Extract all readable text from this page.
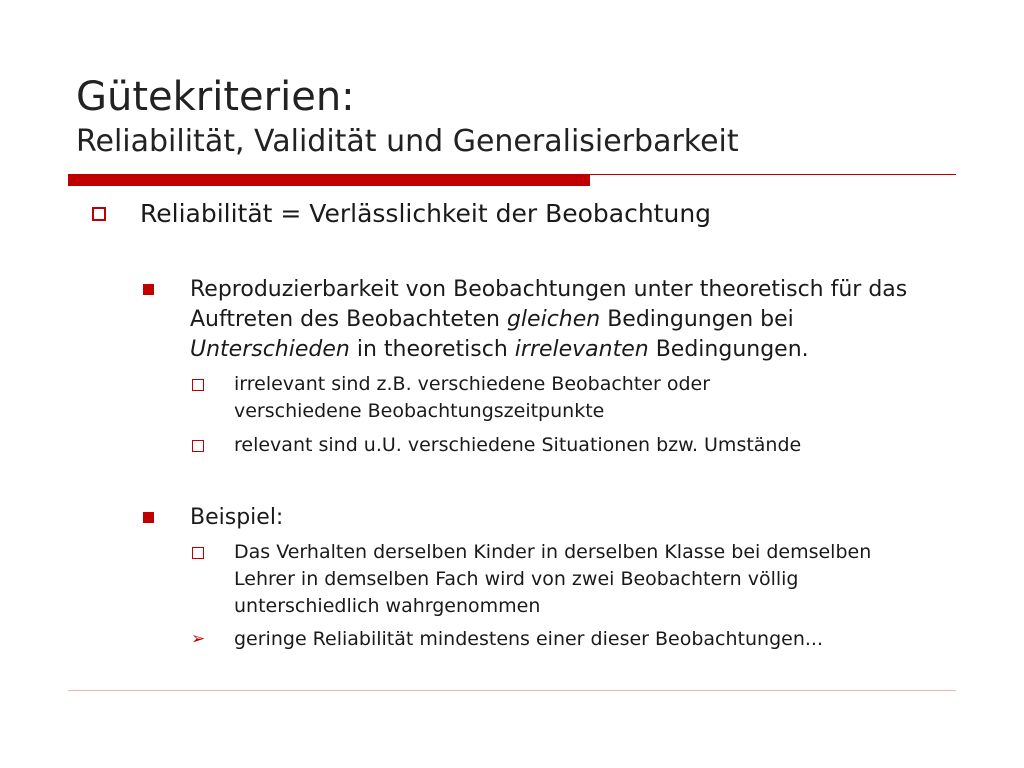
Gütekriterien:
Reliabilität, Validität und Generalisierbarkeit
Reliabilität = Verlässlichkeit der Beobachtung
Reproduzierbarkeit von Beobachtungen unter theoretisch für das Auftreten des Beobachteten gleichen Bedingungen bei Unterschieden in theoretisch irrelevanten Bedingungen.
irrelevant sind z.B. verschiedene Beobachter oder verschiedene Beobachtungszeitpunkte
relevant sind u.U. verschiedene Situationen bzw. Umstände
Beispiel:
Das Verhalten derselben Kinder in derselben Klasse bei demselben Lehrer in demselben Fach wird von zwei Beobachtern völlig unterschiedlich wahrgenommen
➢ geringe Reliabilität mindestens einer dieser Beobachtungen...
